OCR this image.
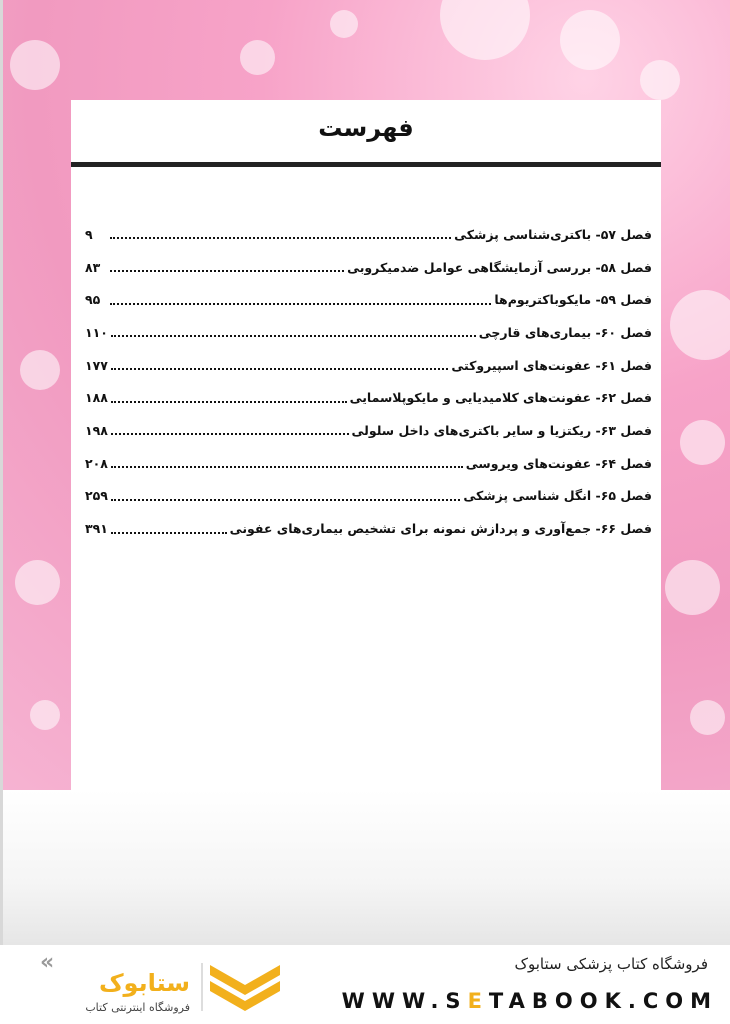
فهرست
فصل ۵۷- باکتری‌شناسی پزشکی
۹
فصل ۵۸- بررسی آزمایشگاهی عوامل ضدمیکروبی
۸۳
فصل ۵۹- مایکوباکتریوم‌ها
۹۵
فصل ۶۰- بیماری‌های قارچی
۱۱۰
فصل ۶۱- عفونت‌های اسپیروکتی
۱۷۷
فصل ۶۲- عفونت‌های کلامیدیایی و مایکوپلاسمایی
۱۸۸
فصل ۶۳- ریکتزیا و سایر باکتری‌های داخل سلولی
۱۹۸
فصل ۶۴- عفونت‌های ویروسی
۲۰۸
فصل ۶۵- انگل شناسی پزشکی
۲۵۹
فصل ۶۶- جمع‌آوری و پردازش نمونه برای تشخیص بیماری‌های عفونی
۳۹۱
«
ستابوک
فروشگاه اینترنتی کتاب
فروشگاه کتاب پزشکی ستابوک
WWW.SETABOOK.COM
